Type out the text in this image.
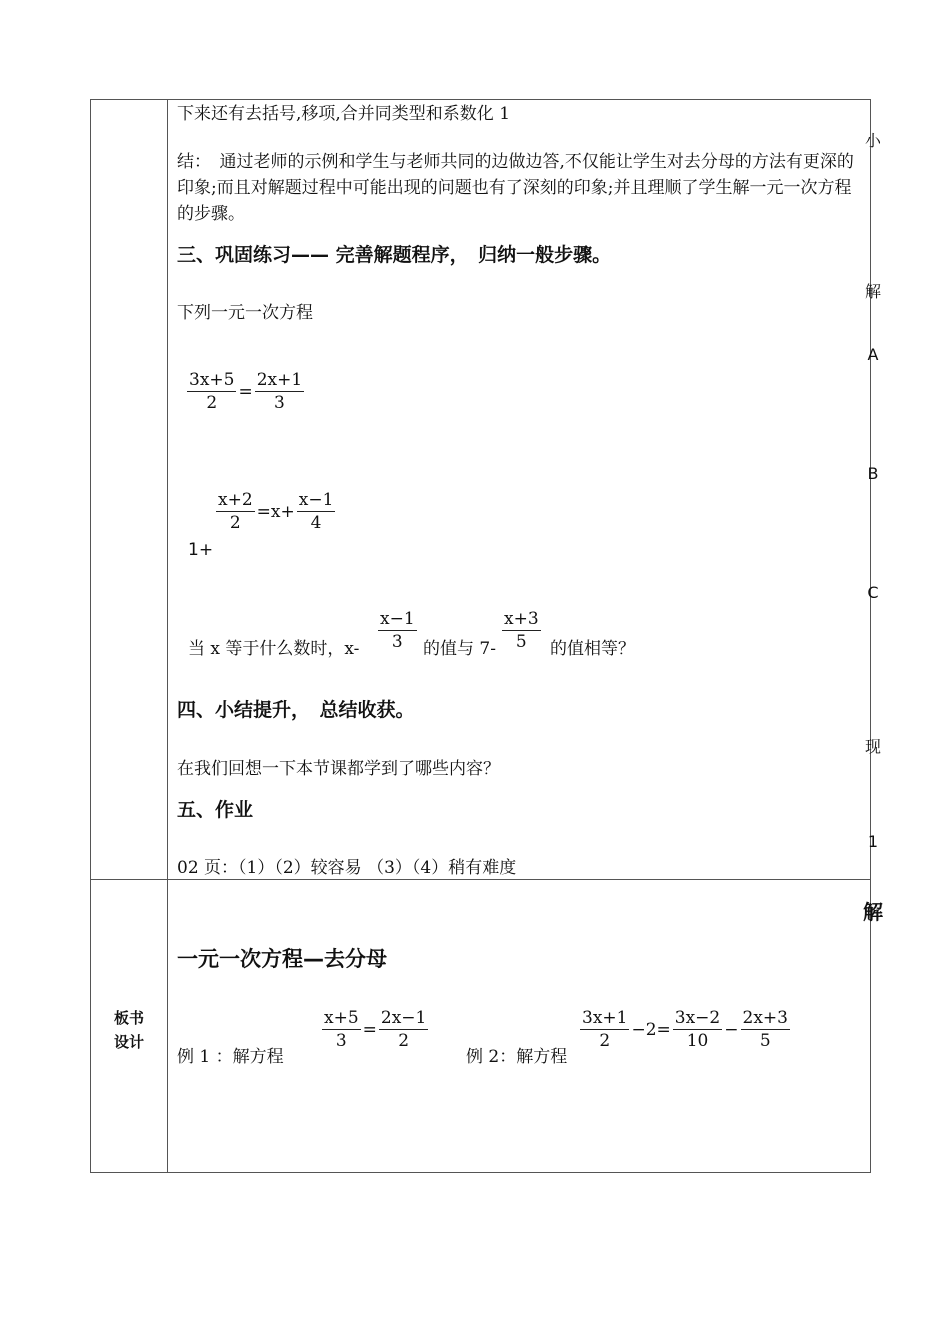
下来还有去括号,移项,合并同类型和系数化 1
结：　通过老师的示例和学生与老师共同的边做边答,不仅能让学生对去分母的方法有更深的印象;而且对解题过程中可能出现的问题也有了深刻的印象;并且理顺了学生解一元一次方程的步骤。
三、巩固练习—— 完善解题程序，　归纳一般步骤。
下列一元一次方程
$\frac{3x+5}{2} = \frac{2x+1}{3}$
1+
$\frac{x+2}{2} =x+ \frac{x-1}{4}$
当 x 等于什么数时，$x- \frac{x-1}{3}$ 的值与 $7- \frac{x+3}{5}$ 的值相等？
四、小结提升，　总结收获。
在我们回想一下本节课都学到了哪些内容？
五、作业
02 页：（1）（2）较容易 （3）（4）稍有难度
小
解
A
B
C
现
1
解
板书
设计
一元一次方程—去分母
例 1 ：解方程
$\frac{x+5}{3} = \frac{2x-1}{2}$
例 2：解方程
$\frac{3x+1}{2} -2= \frac{3x-2}{10} - \frac{2x+3}{5}$
